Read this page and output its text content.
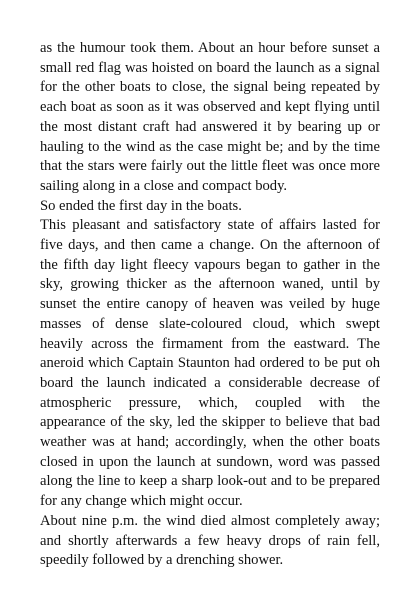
as the humour took them. About an hour before sunset a small red flag was hoisted on board the launch as a signal for the other boats to close, the signal being repeated by each boat as soon as it was observed and kept flying until the most distant craft had answered it by bearing up or hauling to the wind as the case might be; and by the time that the stars were fairly out the little fleet was once more sailing along in a close and compact body.

So ended the first day in the boats.

This pleasant and satisfactory state of affairs lasted for five days, and then came a change. On the afternoon of the fifth day light fleecy vapours began to gather in the sky, growing thicker as the afternoon waned, until by sunset the entire canopy of heaven was veiled by huge masses of dense slate-coloured cloud, which swept heavily across the firmament from the eastward. The aneroid which Captain Staunton had ordered to be put oh board the launch indicated a considerable decrease of atmospheric pressure, which, coupled with the appearance of the sky, led the skipper to believe that bad weather was at hand; accordingly, when the other boats closed in upon the launch at sundown, word was passed along the line to keep a sharp look-out and to be prepared for any change which might occur.

About nine p.m. the wind died almost completely away; and shortly afterwards a few heavy drops of rain fell, speedily followed by a drenching shower.
